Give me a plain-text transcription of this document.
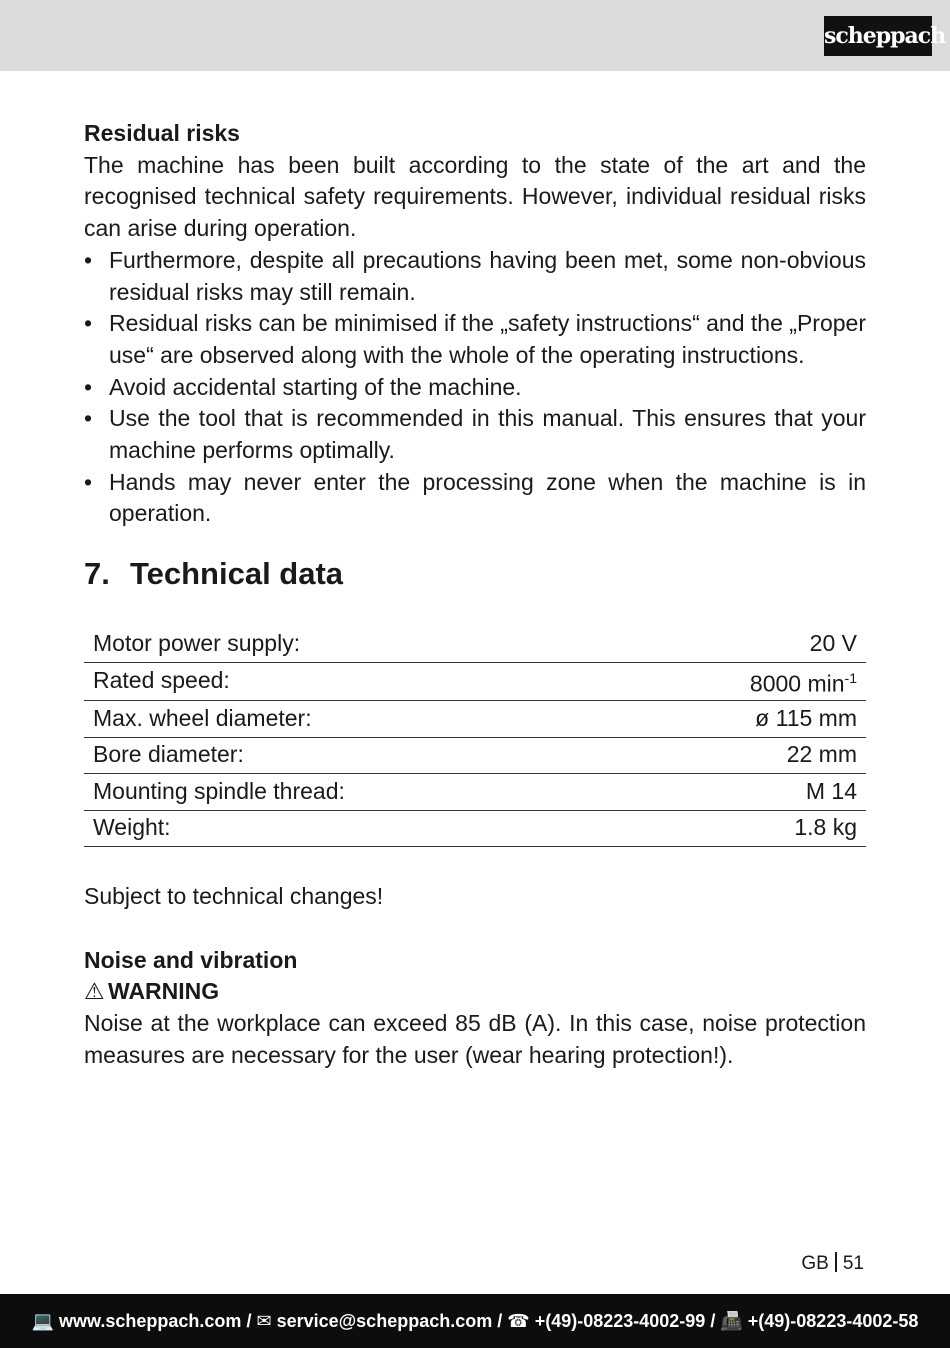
scheppach
Residual risks

The machine has been built according to the state of the art and the recognised technical safety requirements. However, individual residual risks can arise during operation.

• Furthermore, despite all precautions having been met, some non-obvious residual risks may still remain.
• Residual risks can be minimised if the „safety instructions“ and the „Proper use“ are observed along with the whole of the operating instructions.
• Avoid accidental starting of the machine.
• Use the tool that is recommended in this manual. This ensures that your machine performs optimally.
• Hands may never enter the processing zone when the machine is in operation.
7. Technical data
Motor power supply:	20 V
Rated speed:	8000 $\min^{-1}$
Max. wheel diameter:	ø 115 mm
Bore diameter:	22 mm
Mounting spindle thread:	M 14
Weight:	1.8 kg
Subject to technical changes!
Noise and vibration
⚠ WARNING

Noise at the workplace can exceed 85 dB (A). In this case, noise protection measures are necessary for the user (wear hearing protection!).

GB 51
💻 www.scheppach.com / ✉ service@scheppach.com / ☎ +(49)-08223-4002-99 / 📠 +(49)-08223-4002-58
